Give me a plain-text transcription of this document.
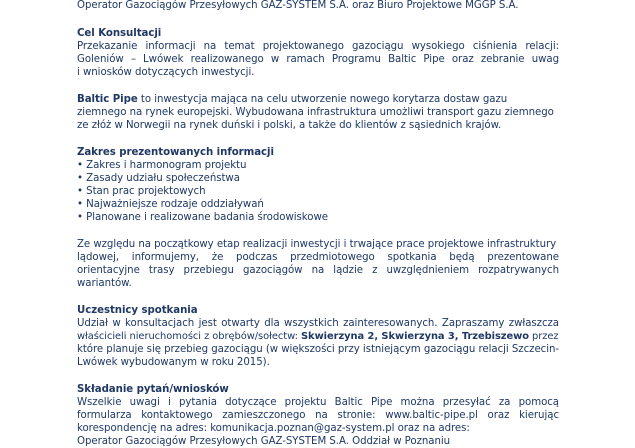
Operator Gazociągów Przesyłowych GAZ-SYSTEM S.A. oraz Biuro Projektowe MGGP S.A.
Cel Konsultacji
Przekazanie informacji na temat projektowanego gazociągu wysokiego ciśnienia relacji:
Goleniów – Lwówek realizowanego w ramach Programu Baltic Pipe oraz zebranie uwag
i wniosków dotyczących inwestycji.
Baltic Pipe to inwestycja mająca na celu utworzenie nowego korytarza dostaw gazu
ziemnego na rynek europejski. Wybudowana infrastruktura umożliwi transport gazu ziemnego
ze złóż w Norwegii na rynek duński i polski, a także do klientów z sąsiednich krajów.
Zakres prezentowanych informacji
• Zakres i harmonogram projektu
• Zasady udziału społeczeństwa
• Stan prac projektowych
• Najważniejsze rodzaje oddziaływań
• Planowane i realizowane badania środowiskowe
Ze względu na początkowy etap realizacji inwestycji i trwające prace projektowe infrastruktury
lądowej, informujemy, że podczas przedmiotowego spotkania będą prezentowane
orientacyjne trasy przebiegu gazociągów na lądzie z uwzględnieniem rozpatrywanych
wariantów.
Uczestnicy spotkania
Udział w konsultacjach jest otwarty dla wszystkich zainteresowanych. Zapraszamy zwłaszcza
właścicieli nieruchomości z obrębów/sołectw: Skwierzyna 2, Skwierzyna 3, Trzebiszewo przez
które planuje się przebieg gazociągu (w większości przy istniejącym gazociągu relacji Szczecin-
Lwówek wybudowanym w roku 2015).
Składanie pytań/wniosków
Wszelkie uwagi i pytania dotyczące projektu Baltic Pipe można przesyłać za pomocą
formularza kontaktowego zamieszczonego na stronie: www.baltic-pipe.pl oraz kierując
korespondencję na adres: komunikacja.poznan@gaz-system.pl oraz na adres:
Operator Gazociągów Przesyłowych GAZ-SYSTEM S.A. Oddział w Poznaniu
